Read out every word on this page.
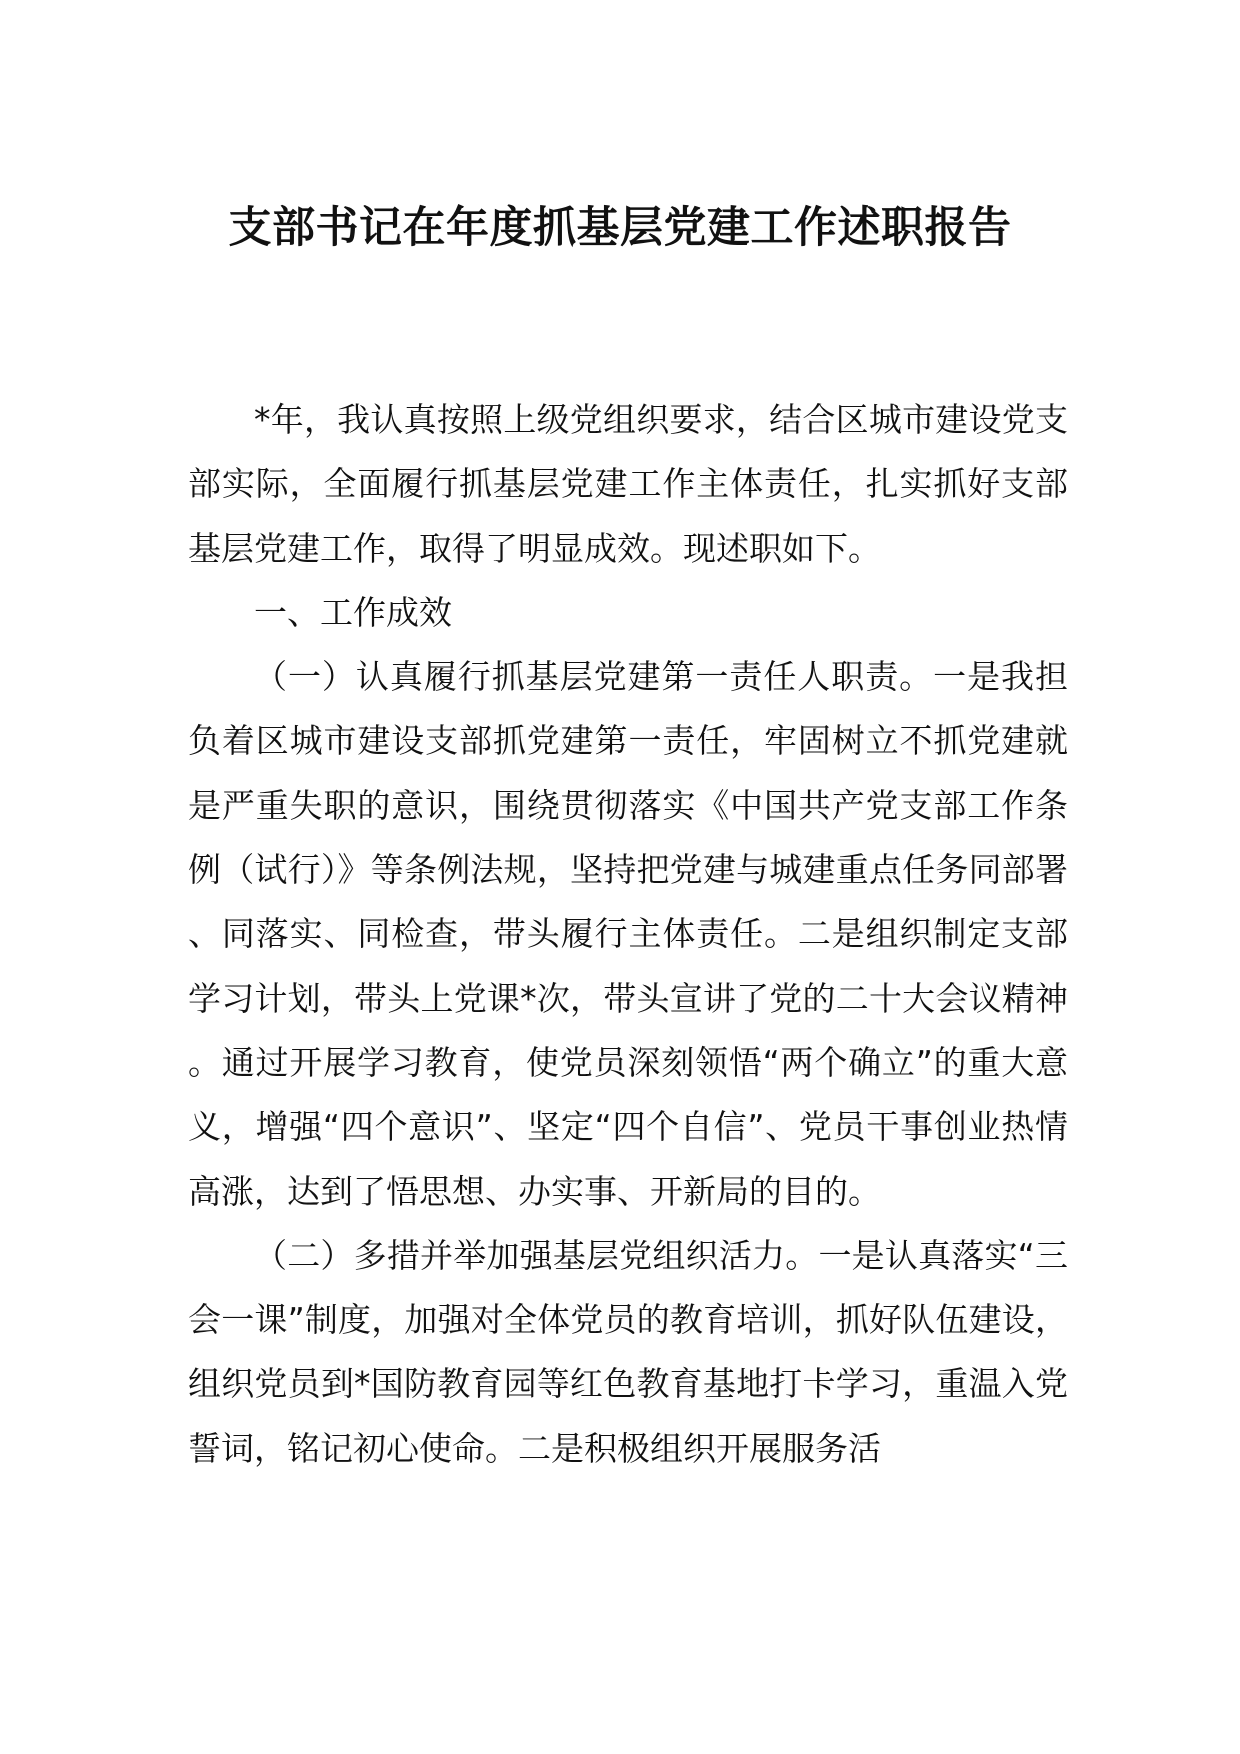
支部书记在年度抓基层党建工作述职报告

*年，我认真按照上级党组织要求，结合区城市建设党支部实际，全面履行抓基层党建工作主体责任，扎实抓好支部基层党建工作，取得了明显成效。现述职如下。

一、工作成效

（一）认真履行抓基层党建第一责任人职责。一是我担负着区城市建设支部抓党建第一责任，牢固树立不抓党建就是严重失职的意识，围绕贯彻落实《中国共产党支部工作条例（试行）》等条例法规，坚持把党建与城建重点任务同部署、同落实、同检查，带头履行主体责任。二是组织制定支部学习计划，带头上党课*次，带头宣讲了党的二十大会议精神。通过开展学习教育，使党员深刻领悟“两个确立”的重大意义，增强“四个意识”、坚定“四个自信”、党员干事创业热情高涨，达到了悟思想、办实事、开新局的目的。

（二）多措并举加强基层党组织活力。一是认真落实“三会一课”制度，加强对全体党员的教育培训，抓好队伍建设，组织党员到*国防教育园等红色教育基地打卡学习，重温入党誓词，铭记初心使命。二是积极组织开展服务活
